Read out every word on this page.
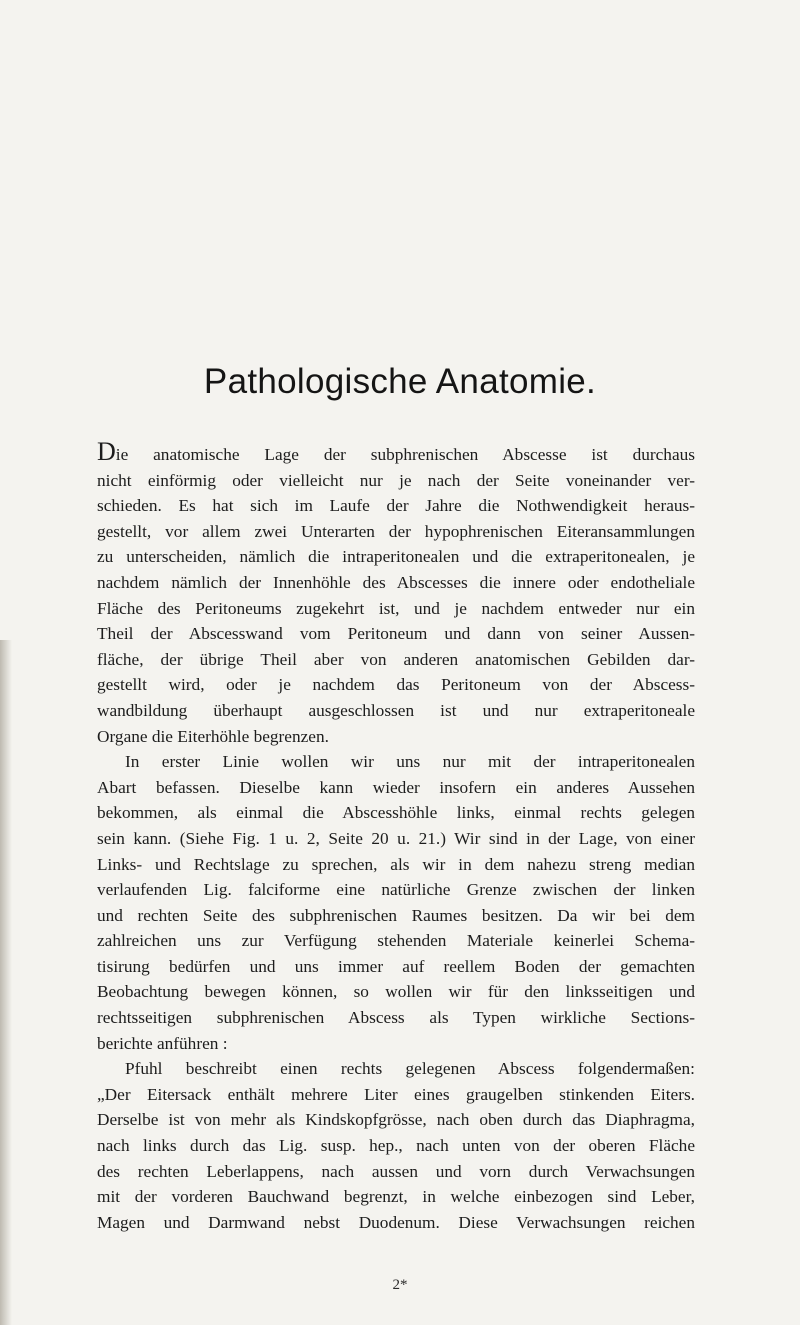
Pathologische Anatomie.
Die anatomische Lage der subphrenischen Abscesse ist durchaus
nicht einförmig oder vielleicht nur je nach der Seite voneinander ver-
schieden. Es hat sich im Laufe der Jahre die Nothwendigkeit heraus-
gestellt, vor allem zwei Unterarten der hypophrenischen Eiteransammlungen
zu unterscheiden, nämlich die intraperitonealen und die extraperitonealen, je
nachdem nämlich der Innenhöhle des Abscesses die innere oder endotheliale
Fläche des Peritoneums zugekehrt ist, und je nachdem entweder nur ein
Theil der Abscesswand vom Peritoneum und dann von seiner Aussen-
fläche, der übrige Theil aber von anderen anatomischen Gebilden dar-
gestellt wird, oder je nachdem das Peritoneum von der Abscess-
wandbildung überhaupt ausgeschlossen ist und nur extraperitoneale
Organe die Eiterhöhle begrenzen.
In erster Linie wollen wir uns nur mit der intraperitonealen
Abart befassen. Dieselbe kann wieder insofern ein anderes Aussehen
bekommen, als einmal die Abscesshöhle links, einmal rechts gelegen
sein kann. (Siehe Fig. 1 u. 2, Seite 20 u. 21.) Wir sind in der Lage, von einer
Links- und Rechtslage zu sprechen, als wir in dem nahezu streng median
verlaufenden Lig. falciforme eine natürliche Grenze zwischen der linken
und rechten Seite des subphrenischen Raumes besitzen. Da wir bei dem
zahlreichen uns zur Verfügung stehenden Materiale keinerlei Schema-
tisirung bedürfen und uns immer auf reellem Boden der gemachten
Beobachtung bewegen können, so wollen wir für den linksseitigen und
rechtsseitigen subphrenischen Abscess als Typen wirkliche Sections-
berichte anführen :
Pfuhl beschreibt einen rechts gelegenen Abscess folgendermaßen:
„Der Eitersack enthält mehrere Liter eines graugelben stinkenden Eiters.
Derselbe ist von mehr als Kindskopfgrösse, nach oben durch das Diaphragma,
nach links durch das Lig. susp. hep., nach unten von der oberen Fläche
des rechten Leberlappens, nach aussen und vorn durch Verwachsungen
mit der vorderen Bauchwand begrenzt, in welche einbezogen sind Leber,
Magen und Darmwand nebst Duodenum. Diese Verwachsungen reichen
2*
